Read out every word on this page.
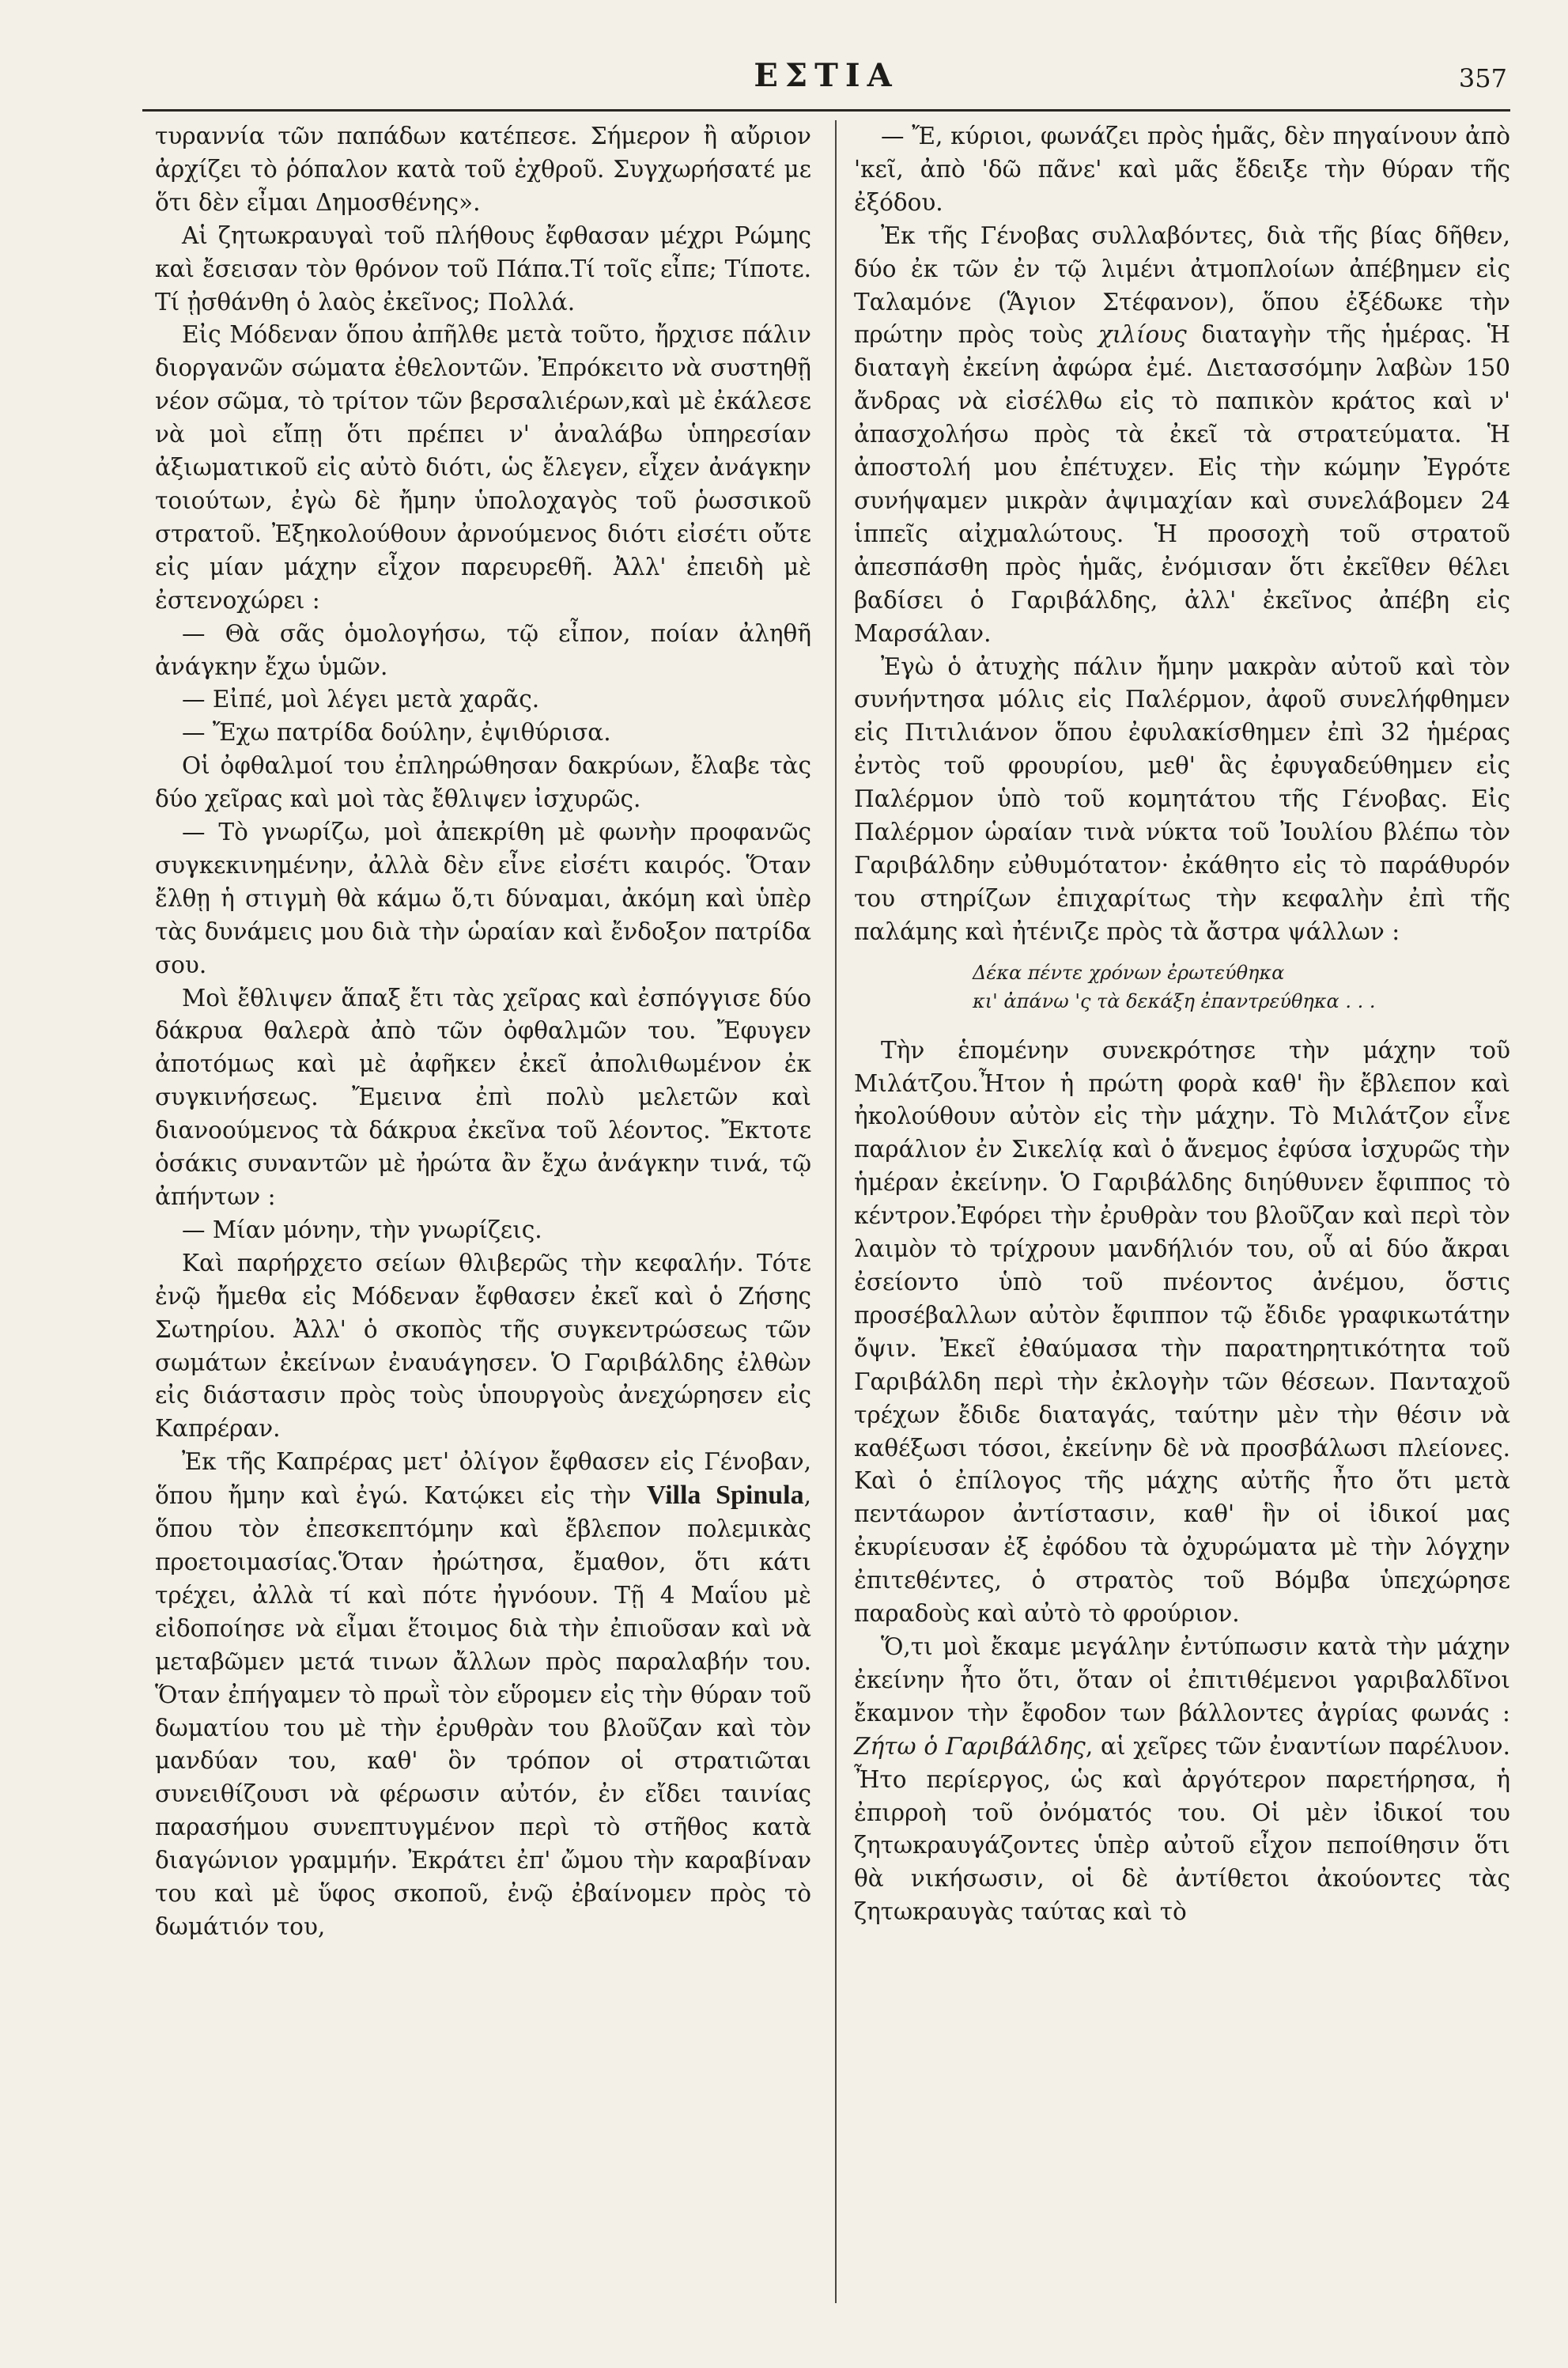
ΕΣΤΙΑ	357

τυραννία τῶν παπάδων κατέπεσε. Σήμερον ἢ αὔριον ἀρχίζει τὸ ῥόπαλον κατὰ τοῦ ἐχθροῦ. Συγχωρήσατέ με ὅτι δὲν εἶμαι Δημοσθένης».

Αἱ ζητωκραυγαὶ τοῦ πλήθους ἔφθασαν μέχρι Ρώμης καὶ ἔσεισαν τὸν θρόνον τοῦ Πάπα.Τί τοῖς εἶπε; Τίποτε. Τί ᾐσθάνθη ὁ λαὸς ἐκεῖνος; Πολλά.

Εἰς Μόδεναν ὅπου ἀπῆλθε μετὰ τοῦτο, ἤρχισε πάλιν διοργανῶν σώματα ἐθελοντῶν. Ἐπρόκειτο νὰ συστηθῇ νέον σῶμα, τὸ τρίτον τῶν βερσαλιέρων,καὶ μὲ ἐκάλεσε νὰ μοὶ εἴπῃ ὅτι πρέπει ν' ἀναλάβω ὑπηρεσίαν ἀξιωματικοῦ εἰς αὐτὸ διότι, ὡς ἔλεγεν, εἶχεν ἀνάγκην τοιούτων, ἐγὼ δὲ ἤμην ὑπολοχαγὸς τοῦ ῥωσσικοῦ στρατοῦ. Ἐξηκολούθουν ἀρνούμενος διότι εἰσέτι οὔτε εἰς μίαν μάχην εἶχον παρευρεθῆ. Ἀλλ' ἐπειδὴ μὲ ἐστενοχώρει :

— Θὰ σᾶς ὁμολογήσω, τῷ εἶπον, ποίαν ἀληθῆ ἀνάγκην ἔχω ὑμῶν.

— Εἰπέ, μοὶ λέγει μετὰ χαρᾶς.

— Ἔχω πατρίδα δούλην, ἐψιθύρισα.

Οἱ ὀφθαλμοί του ἐπληρώθησαν δακρύων, ἔλαβε τὰς δύο χεῖρας καὶ μοὶ τὰς ἔθλιψεν ἰσχυρῶς.

— Τὸ γνωρίζω, μοὶ ἀπεκρίθη μὲ φωνὴν προφανῶς συγκεκινημένην, ἀλλὰ δὲν εἶνε εἰσέτι καιρός. Ὅταν ἔλθῃ ἡ στιγμὴ θὰ κάμω ὅ,τι δύναμαι, ἀκόμη καὶ ὑπὲρ τὰς δυνάμεις μου διὰ τὴν ὡραίαν καὶ ἔνδοξον πατρίδα σου.

Μοὶ ἔθλιψεν ἅπαξ ἔτι τὰς χεῖρας καὶ ἐσπόγγισε δύο δάκρυα θαλερὰ ἀπὸ τῶν ὀφθαλμῶν του. Ἔφυγεν ἀποτόμως καὶ μὲ ἀφῆκεν ἐκεῖ ἀπολιθωμένον ἐκ συγκινήσεως. Ἔμεινα ἐπὶ πολὺ μελετῶν καὶ διανοούμενος τὰ δάκρυα ἐκεῖνα τοῦ λέοντος. Ἔκτοτε ὁσάκις συναντῶν μὲ ἠρώτα ἂν ἔχω ἀνάγκην τινά, τῷ ἀπήντων :

— Μίαν μόνην, τὴν γνωρίζεις.

Καὶ παρήρχετο σείων θλιβερῶς τὴν κεφαλήν. Τότε ἐνῷ ἤμεθα εἰς Μόδεναν ἔφθασεν ἐκεῖ καὶ ὁ Ζήσης Σωτηρίου. Ἀλλ' ὁ σκοπὸς τῆς συγκεντρώσεως τῶν σωμάτων ἐκείνων ἐναυάγησεν. Ὁ Γαριβάλδης ἐλθὼν εἰς διάστασιν πρὸς τοὺς ὑπουργοὺς ἀνεχώρησεν εἰς Καπρέραν.

Ἐκ τῆς Καπρέρας μετ' ὀλίγον ἔφθασεν εἰς Γένοβαν, ὅπου ἤμην καὶ ἐγώ. Κατῴκει εἰς τὴν Villa Spinula, ὅπου τὸν ἐπεσκεπτόμην καὶ ἔβλεπον πολεμικὰς προετοιμασίας.Ὅταν ἠρώτησα, ἔμαθον, ὅτι κάτι τρέχει, ἀλλὰ τί καὶ πότε ἠγνόουν. Τῇ 4 Μαΐου μὲ εἰδοποίησε νὰ εἶμαι ἕτοιμος διὰ τὴν ἐπιοῦσαν καὶ νὰ μεταβῶμεν μετά τινων ἄλλων πρὸς παραλαβήν του. Ὅταν ἐπήγαμεν τὸ πρωῒ τὸν εὕρομεν εἰς τὴν θύραν τοῦ δωματίου του μὲ τὴν ἐρυθρὰν του βλοῦζαν καὶ τὸν μανδύαν του, καθ' ὃν τρόπον οἱ στρατιῶται συνειθίζουσι νὰ φέρωσιν αὐτόν, ἐν εἴδει ταινίας παρασήμου συνεπτυγμένον περὶ τὸ στῆθος κατὰ διαγώνιον γραμμήν. Ἐκράτει ἐπ' ὤμου τὴν καραβίναν του καὶ μὲ ὕφος σκοποῦ, ἐνῷ ἐβαίνομεν πρὸς τὸ δωμάτιόν του,

— Ἔ, κύριοι, φωνάζει πρὸς ἡμᾶς, δὲν πηγαίνουν ἀπὸ 'κεῖ, ἀπὸ 'δῶ πᾶνε' καὶ μᾶς ἔδειξε τὴν θύραν τῆς ἐξόδου.

Ἐκ τῆς Γένοβας συλλαβόντες, διὰ τῆς βίας δῆθεν, δύο ἐκ τῶν ἐν τῷ λιμένι ἀτμοπλοίων ἀπέβημεν εἰς Ταλαμόνε (Ἅγιον Στέφανον), ὅπου ἐξέδωκε τὴν πρώτην πρὸς τοὺς χιλίους διαταγὴν τῆς ἡμέρας. Ἡ διαταγὴ ἐκείνη ἀφώρα ἐμέ. Διετασσόμην λαβὼν 150 ἄνδρας νὰ εἰσέλθω εἰς τὸ παπικὸν κράτος καὶ ν' ἀπασχολήσω πρὸς τὰ ἐκεῖ τὰ στρατεύματα. Ἡ ἀποστολή μου ἐπέτυχεν. Εἰς τὴν κώμην Ἐγρότε συνήψαμεν μικρὰν ἀψιμαχίαν καὶ συνελάβομεν 24 ἱππεῖς αἰχμαλώτους. Ἡ προσοχὴ τοῦ στρατοῦ ἀπεσπάσθη πρὸς ἡμᾶς, ἐνόμισαν ὅτι ἐκεῖθεν θέλει βαδίσει ὁ Γαριβάλδης, ἀλλ' ἐκεῖνος ἀπέβη εἰς Μαρσάλαν.

Ἐγὼ ὁ ἀτυχὴς πάλιν ἤμην μακρὰν αὐτοῦ καὶ τὸν συνήντησα μόλις εἰς Παλέρμον, ἀφοῦ συνελήφθημεν εἰς Πιτιλιάνον ὅπου ἐφυλακίσθημεν ἐπὶ 32 ἡμέρας ἐντὸς τοῦ φρουρίου, μεθ' ἃς ἐφυγαδεύθημεν εἰς Παλέρμον ὑπὸ τοῦ κομητάτου τῆς Γένοβας. Εἰς Παλέρμον ὡραίαν τινὰ νύκτα τοῦ Ἰουλίου βλέπω τὸν Γαριβάλδην εὐθυμότατον· ἐκάθητο εἰς τὸ παράθυρόν του στηρίζων ἐπιχαρίτως τὴν κεφαλὴν ἐπὶ τῆς παλάμης καὶ ἠτένιζε πρὸς τὰ ἄστρα ψάλλων :

Δέκα πέντε χρόνων ἐρωτεύθηκα
κι' ἀπάνω 'ς τὰ δεκάξη ἐπαντρεύθηκα . . .

Τὴν ἑπομένην συνεκρότησε τὴν μάχην τοῦ Μιλάτζου.Ἦτον ἡ πρώτη φορὰ καθ' ἣν ἔβλεπον καὶ ἠκολούθουν αὐτὸν εἰς τὴν μάχην. Τὸ Μιλάτζον εἶνε παράλιον ἐν Σικελίᾳ καὶ ὁ ἄνεμος ἐφύσα ἰσχυρῶς τὴν ἡμέραν ἐκείνην. Ὁ Γαριβάλδης διηύθυνεν ἔφιππος τὸ κέντρον.Ἐφόρει τὴν ἐρυθρὰν του βλοῦζαν καὶ περὶ τὸν λαιμὸν τὸ τρίχρουν μανδήλιόν του, οὗ αἱ δύο ἄκραι ἐσείοντο ὑπὸ τοῦ πνέοντος ἀνέμου, ὅστις προσέβαλλων αὐτὸν ἔφιππον τῷ ἔδιδε γραφικωτάτην ὄψιν. Ἐκεῖ ἐθαύμασα τὴν παρατηρητικότητα τοῦ Γαριβάλδη περὶ τὴν ἐκλογὴν τῶν θέσεων. Πανταχοῦ τρέχων ἔδιδε διαταγάς, ταύτην μὲν τὴν θέσιν νὰ καθέξωσι τόσοι, ἐκείνην δὲ νὰ προσβάλωσι πλείονες. Καὶ ὁ ἐπίλογος τῆς μάχης αὐτῆς ἦτο ὅτι μετὰ πεντάωρον ἀντίστασιν, καθ' ἣν οἱ ἰδικοί μας ἐκυρίευσαν ἐξ ἐφόδου τὰ ὀχυρώματα μὲ τὴν λόγχην ἐπιτεθέντες, ὁ στρατὸς τοῦ Βόμβα ὑπεχώρησε παραδοὺς καὶ αὐτὸ τὸ φρούριον.

Ὅ,τι μοὶ ἔκαμε μεγάλην ἐντύπωσιν κατὰ τὴν μάχην ἐκείνην ἦτο ὅτι, ὅταν οἱ ἐπιτιθέμενοι γαριβαλδῖνοι ἔκαμνον τὴν ἔφοδον των βάλλοντες ἀγρίας φωνάς : Ζήτω ὁ Γαριβάλδης, αἱ χεῖρες τῶν ἐναντίων παρέλυον. Ἦτο περίεργος, ὡς καὶ ἀργότερον παρετήρησα, ἡ ἐπιρροὴ τοῦ ὀνόματός του. Οἱ μὲν ἰδικοί του ζητωκραυγάζοντες ὑπὲρ αὐτοῦ εἶχον πεποίθησιν ὅτι θὰ νικήσωσιν, οἱ δὲ ἀντίθετοι ἀκούοντες τὰς ζητωκραυγὰς ταύτας καὶ τὸ
